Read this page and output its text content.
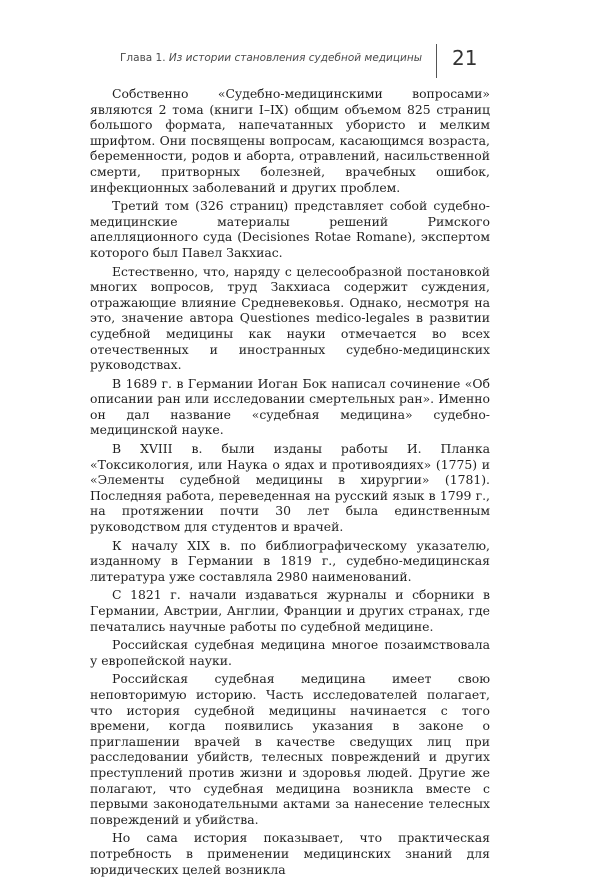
Глава 1. Из истории становления судебной медицины 21

Собственно «Судебно-медицинскими вопросами» являются 2 тома (книги I–IX) общим объемом 825 страниц большого формата, напечатанных убористо и мелким шрифтом. Они посвящены вопросам, касающимся возраста, беременности, родов и аборта, отравлений, насильственной смерти, притворных болезней, врачебных ошибок, инфекционных заболеваний и других проблем.

Третий том (326 страниц) представляет собой судебно-медицинские материалы решений Римского апелляционного суда (Decisiones Rotae Romane), экспертом которого был Павел Закхиас.

Естественно, что, наряду с целесообразной постановкой многих вопросов, труд Закхиаса содержит суждения, отражающие влияние Средневековья. Однако, несмотря на это, значение автора Questiones medico-legales в развитии судебной медицины как науки отмечается во всех отечественных и иностранных судебно-медицинских руководствах.

В 1689 г. в Германии Иоган Бок написал сочинение «Об описании ран или исследовании смертельных ран». Именно он дал название «судебная медицина» судебно-медицинской науке.

В XVIII в. были изданы работы И. Планка «Токсикология, или Наука о ядах и противоядиях» (1775) и «Элементы судебной медицины в хирургии» (1781). Последняя работа, переведенная на русский язык в 1799 г., на протяжении почти 30 лет была единственным руководством для студентов и врачей.

К началу XIX в. по библиографическому указателю, изданному в Германии в 1819 г., судебно-медицинская литература уже составляла 2980 наименований.

С 1821 г. начали издаваться журналы и сборники в Германии, Австрии, Англии, Франции и других странах, где печатались научные работы по судебной медицине.

Российская судебная медицина многое позаимствовала у европейской науки.

Российская судебная медицина имеет свою неповторимую историю. Часть исследователей полагает, что история судебной медицины начинается с того времени, когда появились указания в законе о приглашении врачей в качестве сведущих лиц при расследовании убийств, телесных повреждений и других преступлений против жизни и здоровья людей. Другие же полагают, что судебная медицина возникла вместе с первыми законодательными актами за нанесение телесных повреждений и убийства.

Но сама история показывает, что практическая потребность в применении медицинских знаний для юридических целей возникла
